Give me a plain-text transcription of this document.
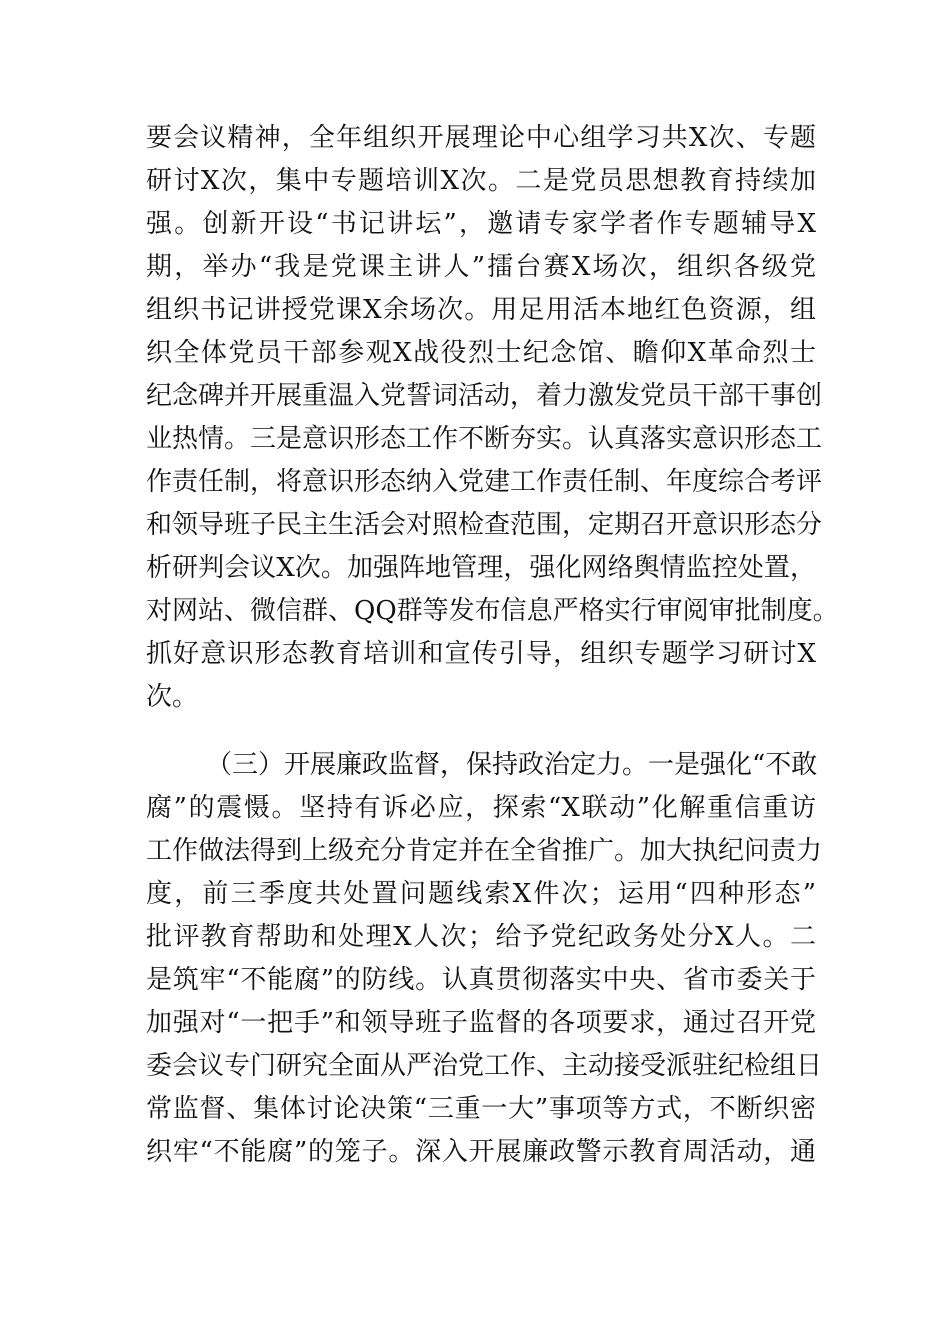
要会议精神，全年组织开展理论中心组学习共X次、专题
研讨X次，集中专题培训X次。二是党员思想教育持续加
强。创新开设“书记讲坛”，邀请专家学者作专题辅导X
期，举办“我是党课主讲人”擂台赛X场次，组织各级党
组织书记讲授党课X余场次。用足用活本地红色资源，组
织全体党员干部参观X战役烈士纪念馆、瞻仰X革命烈士
纪念碑并开展重温入党誓词活动，着力激发党员干部干事创
业热情。三是意识形态工作不断夯实。认真落实意识形态工
作责任制，将意识形态纳入党建工作责任制、年度综合考评
和领导班子民主生活会对照检查范围，定期召开意识形态分
析研判会议X次。加强阵地管理，强化网络舆情监控处置，
对网站、微信群、QQ群等发布信息严格实行审阅审批制度。
抓好意识形态教育培训和宣传引导，组织专题学习研讨X
次。
（三）开展廉政监督，保持政治定力。一是强化“不敢
腐”的震慑。坚持有诉必应，探索“X联动”化解重信重访
工作做法得到上级充分肯定并在全省推广。加大执纪问责力
度，前三季度共处置问题线索X件次；运用“四种形态”
批评教育帮助和处理X人次；给予党纪政务处分X人。二
是筑牢“不能腐”的防线。认真贯彻落实中央、省市委关于
加强对“一把手”和领导班子监督的各项要求，通过召开党
委会议专门研究全面从严治党工作、主动接受派驻纪检组日
常监督、集体讨论决策“三重一大”事项等方式，不断织密
织牢“不能腐”的笼子。深入开展廉政警示教育周活动，通
